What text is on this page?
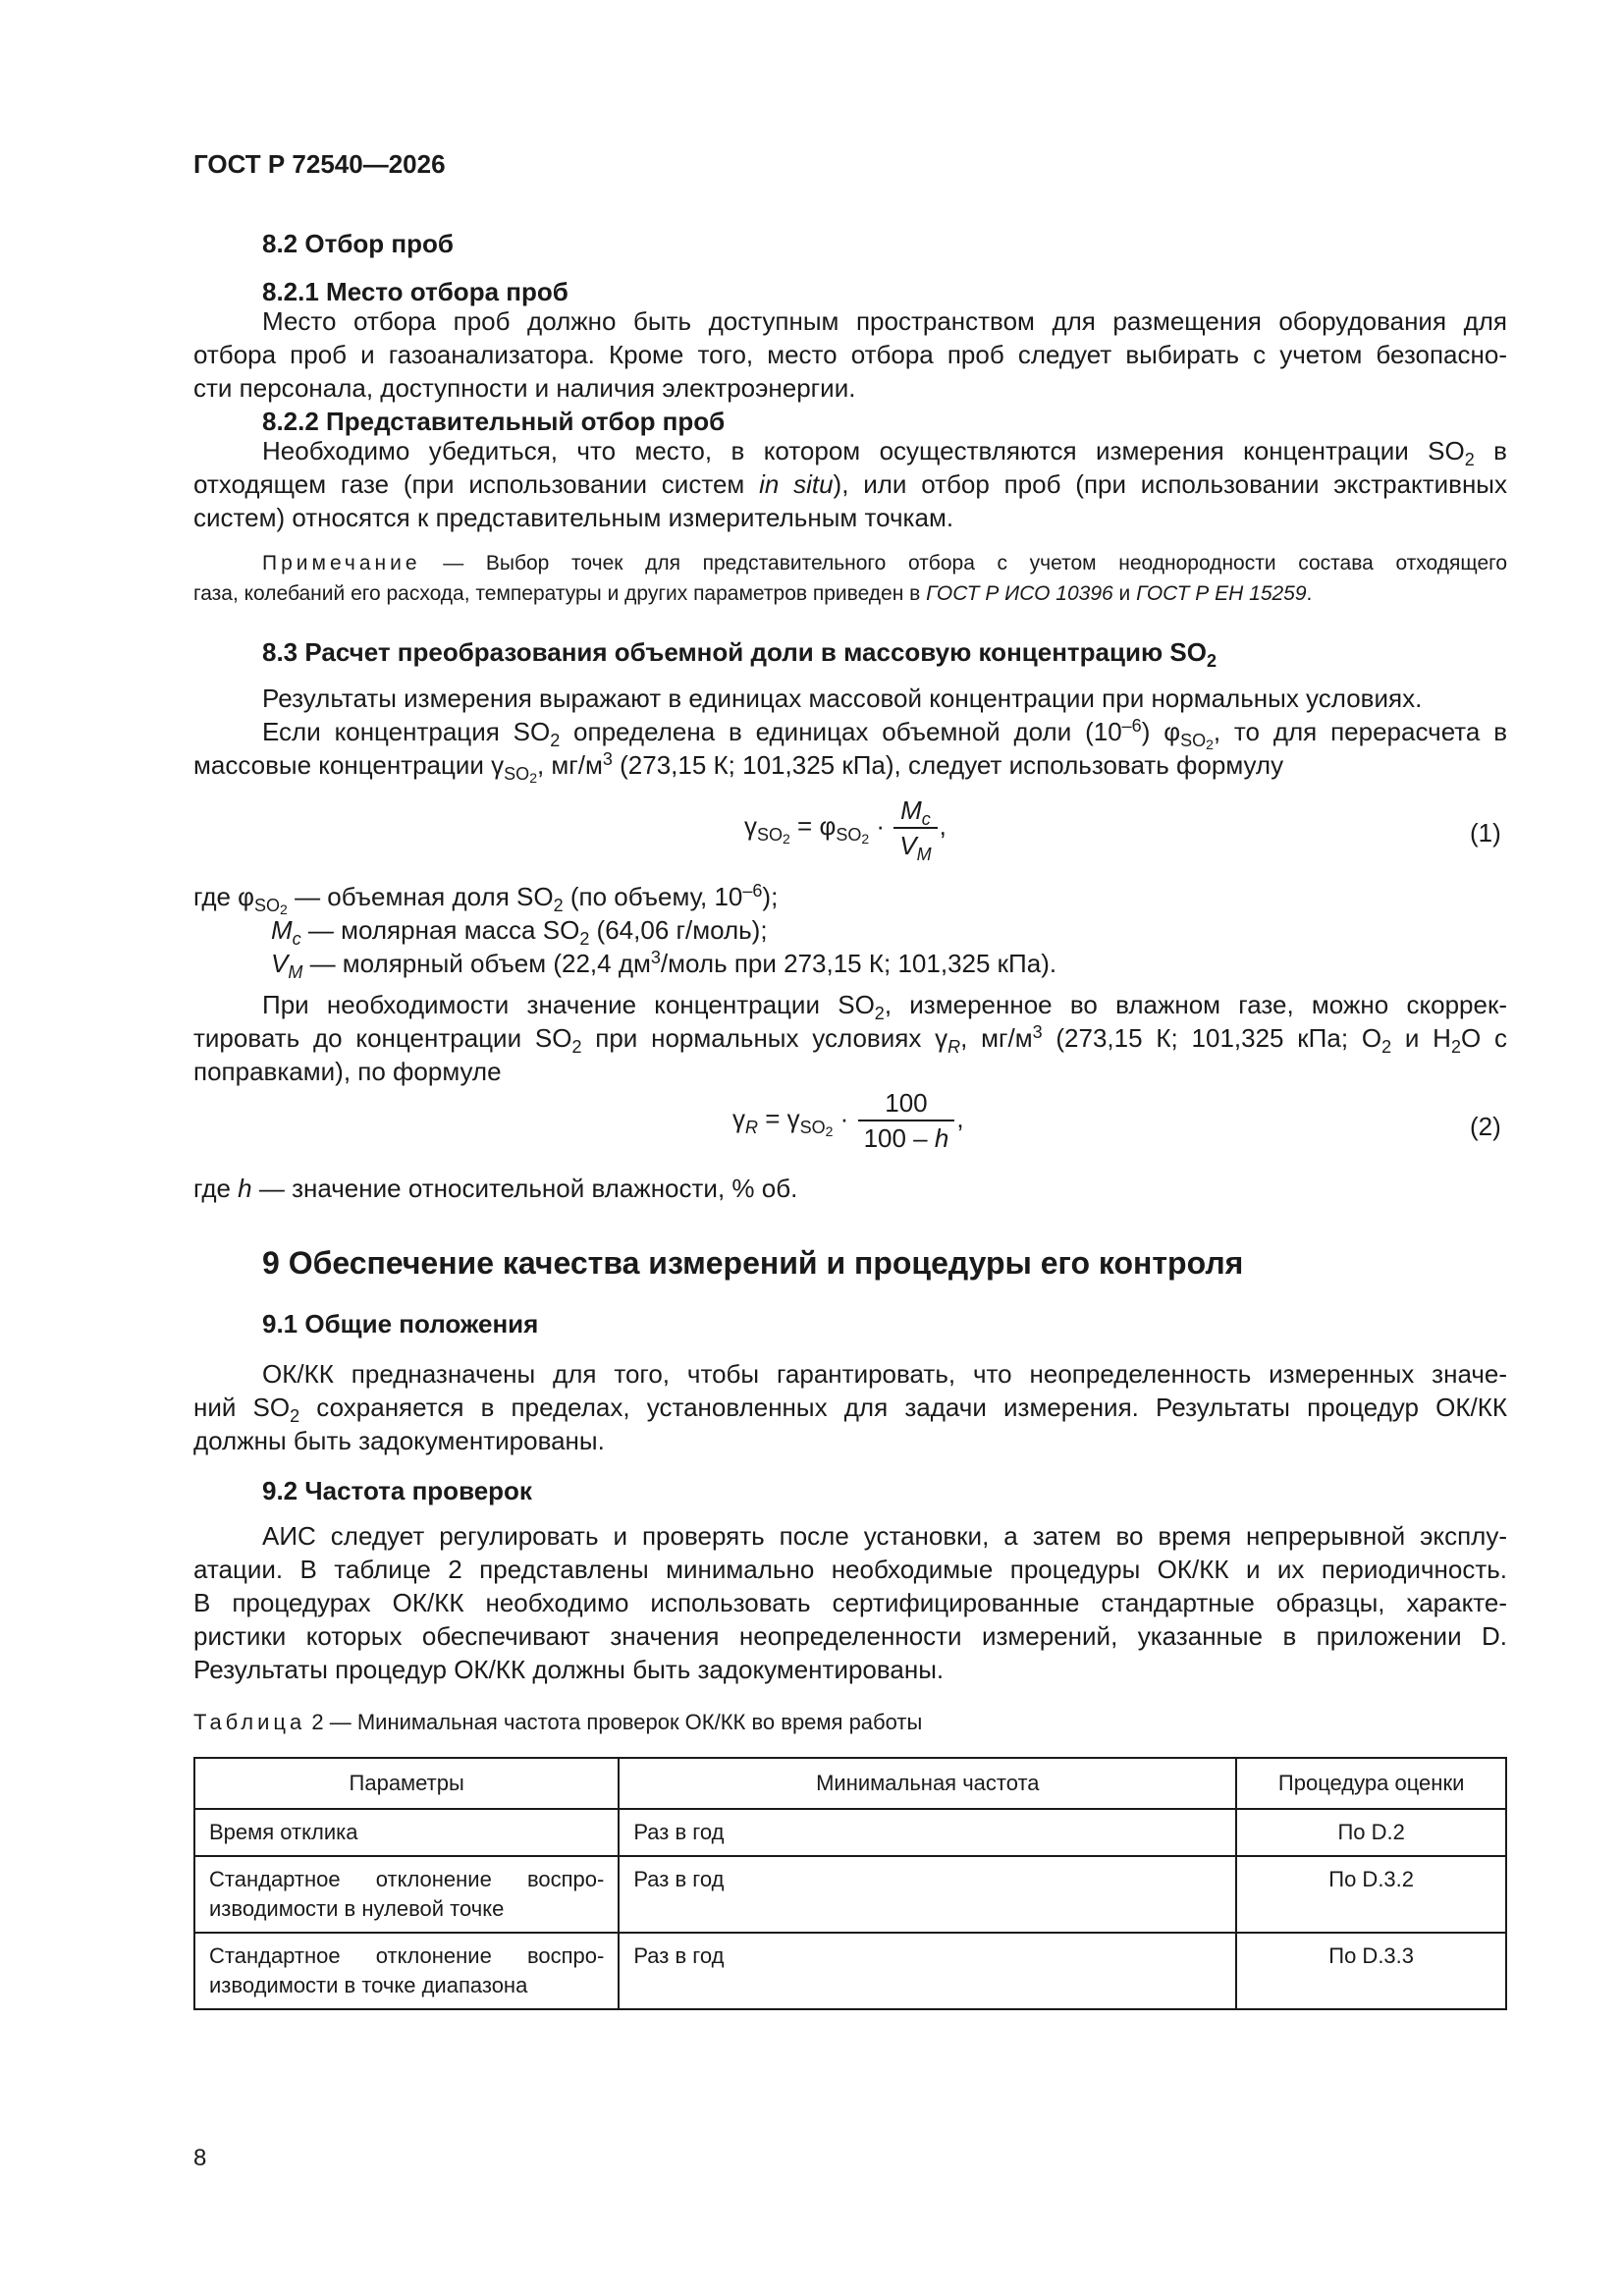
ГОСТ Р 72540—2026
8.2 Отбор проб
8.2.1 Место отбора проб
Место отбора проб должно быть доступным пространством для размещения оборудования для
отбора проб и газоанализатора. Кроме того, место отбора проб следует выбирать с учетом безопасно-
сти персонала, доступности и наличия электроэнергии.
8.2.2 Представительный отбор проб
Необходимо убедиться, что место, в котором осуществляются измерения концентрации $SO_2$ в
отходящем газе (при использовании систем in situ), или отбор проб (при использовании экстрактивных
систем) относятся к представительным измерительным точкам.
Примечание — Выбор точек для представительного отбора с учетом неоднородности состава отходящего
газа, колебаний его расхода, температуры и других параметров приведен в ГОСТ Р ИСО 10396 и ГОСТ Р ЕН 15259.
8.3 Расчет преобразования объемной доли в массовую концентрацию $SO_2$
Результаты измерения выражают в единицах массовой концентрации при нормальных условиях.
Если концентрация $SO_2$ определена в единицах объемной доли $(10^{-6})$ $\varphi_{SO2}$, то для перерасчета в
массовые концентрации $\gamma_{SO2}$, $мг/м^3$ (273,15 К; 101,325 кПа), следует использовать формулу
$\gamma_{SO2} = \varphi_{SO2} \cdot \frac{M_c}{V_M}$ ,	(1)
где $\varphi_{SO2}$ — объемная доля $SO_2$ (по объему, $10^{-6}$);
$M_c$ — молярная масса $SO_2$ (64,06 г/моль);
$V_M$ — молярный объем (22,4 $дм^3$/моль при 273,15 К; 101,325 кПа).
При необходимости значение концентрации $SO_2$, измеренное во влажном газе, можно скоррек-
тировать до концентрации $SO_2$ при нормальных условиях $\gamma_R$, $мг/м^3$ (273,15 К; 101,325 кПа; $O_2$ и $H_2O$ с
поправками), по формуле
$\gamma_R = \gamma_{SO2} \cdot \frac{100}{100 - h}$ ,	(2)
где h — значение относительной влажности, % об.
9 Обеспечение качества измерений и процедуры его контроля
9.1 Общие положения
ОК/КК предназначены для того, чтобы гарантировать, что неопределенность измеренных значе-
ний $SO_2$ сохраняется в пределах, установленных для задачи измерения. Результаты процедур ОК/КК
должны быть задокументированы.
9.2 Частота проверок
АИС следует регулировать и проверять после установки, а затем во время непрерывной эксплу-
атации. В таблице 2 представлены минимально необходимые процедуры ОК/КК и их периодичность.
В процедурах ОК/КК необходимо использовать сертифицированные стандартные образцы, характе-
ристики которых обеспечивают значения неопределенности измерений, указанные в приложении D.
Результаты процедур ОК/КК должны быть задокументированы.
Таблица 2 — Минимальная частота проверок ОК/КК во время работы
Параметры	Минимальная частота	Процедура оценки

Время отклика	Раз в год	По D.2

Стандартное отклонение воспро-
изводимости в нулевой точке	Раз в год	По D.3.2

Стандартное отклонение воспро-
изводимости в точке диапазона	Раз в год	По D.3.3
8
